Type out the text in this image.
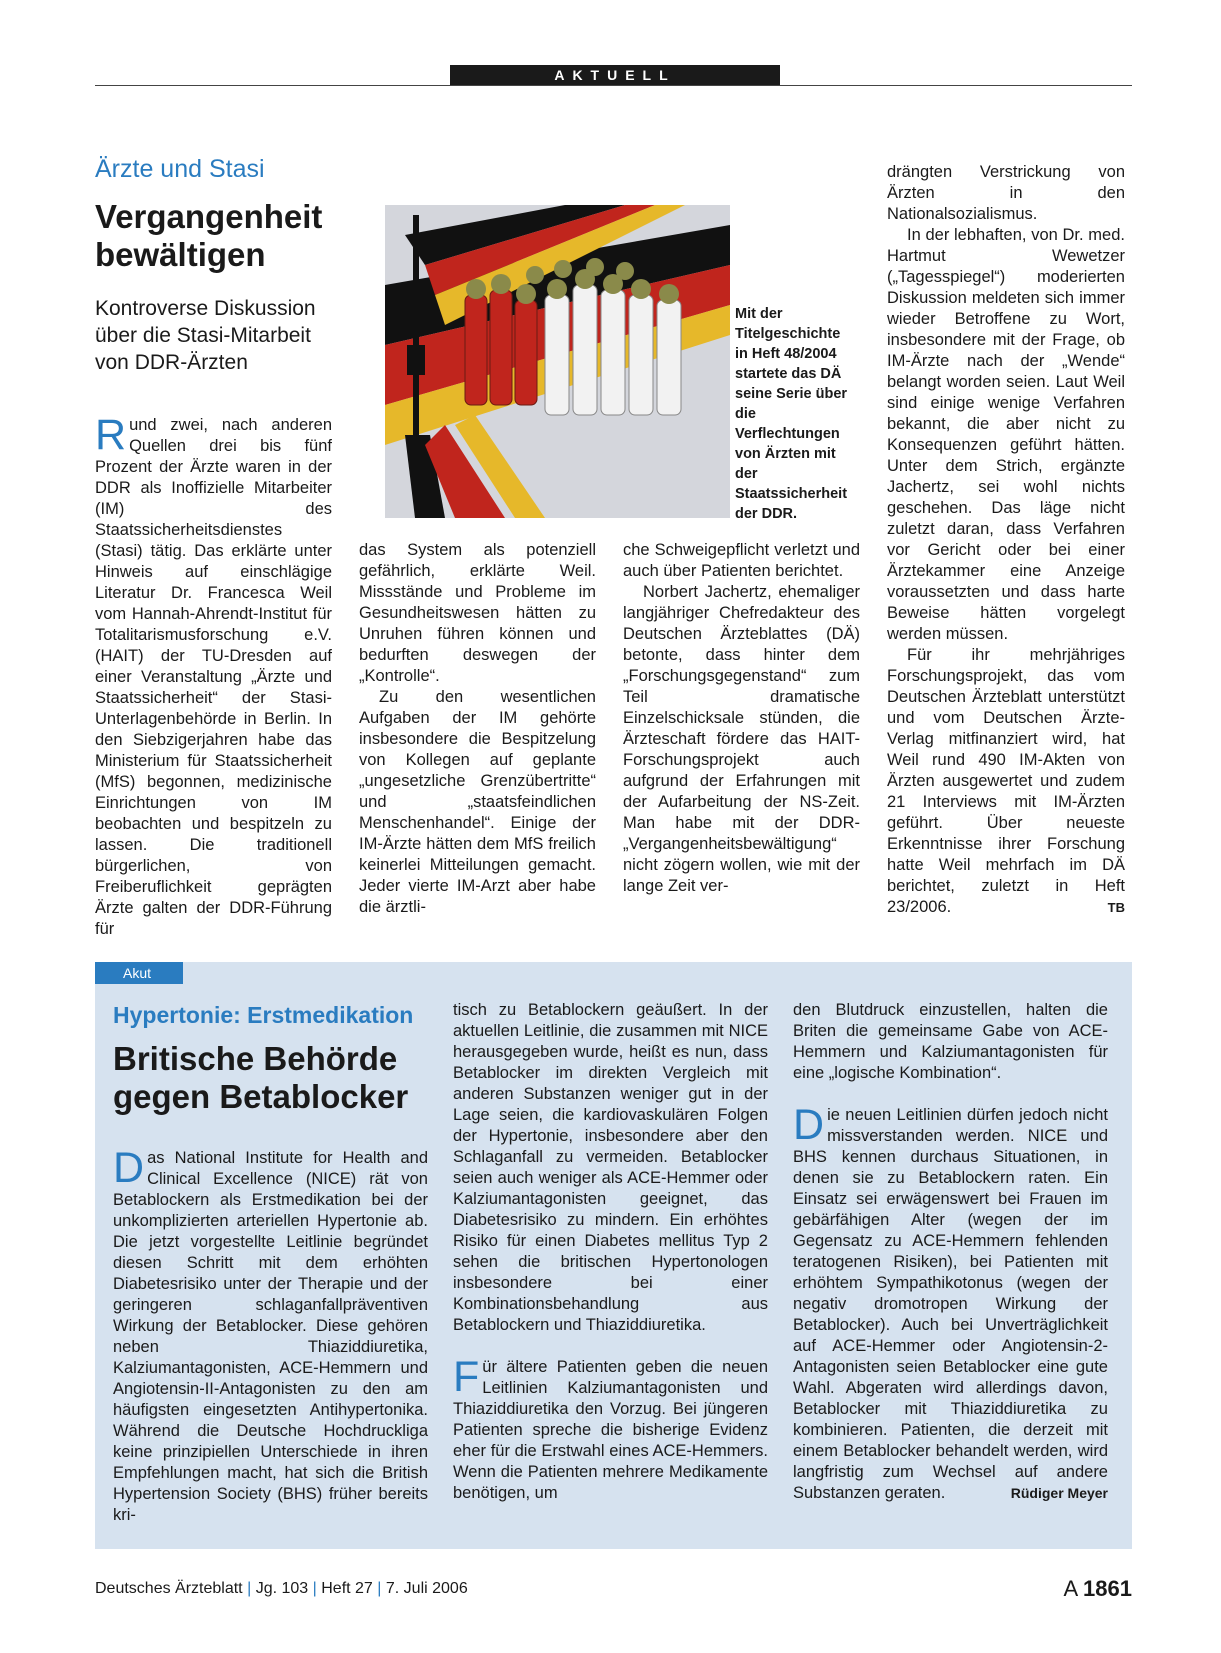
AKTUELL
Ärzte und Stasi
Vergangenheit
bewältigen
Kontroverse Diskussion über die Stasi-Mitarbeit von DDR-Ärzten

Rund zwei, nach anderen Quellen drei bis fünf Prozent der Ärzte waren in der DDR als Inoffizielle Mitarbeiter (IM) des Staatssicherheitsdienstes (Stasi) tätig. Das erklärte unter Hinweis auf einschlägige Literatur Dr. Francesca Weil vom Hannah-Ahrendt-Institut für Totalitarismusforschung e.V. (HAIT) der TU-Dresden auf einer Veranstaltung „Ärzte und Staatssicherheit“ der Stasi-Unterlagenbehörde in Berlin. In den Siebzigerjahren habe das Ministerium für Staatssicherheit (MfS) begonnen, medizinische Einrichtungen von IM beobachten und bespitzeln zu lassen. Die traditionell bürgerlichen, von Freiberuflichkeit geprägten Ärzte galten der DDR-Führung für

Mit der Titelgeschichte in Heft 48/2004 startete das DÄ seine Serie über die Verflechtungen von Ärzten mit der Staatssicherheit der DDR.

das System als potenziell gefährlich, erklärte Weil. Missstände und Probleme im Gesundheitswesen hätten zu Unruhen führen können und bedurften deswegen der „Kontrolle“.

Zu den wesentlichen Aufgaben der IM gehörte insbesondere die Bespitzelung von Kollegen auf geplante „ungesetzliche Grenzübertritte“ und „staatsfeindlichen Menschenhandel“. Einige der IM-Ärzte hätten dem MfS freilich keinerlei Mitteilungen gemacht. Jeder vierte IM-Arzt aber habe die ärztli-

che Schweigepflicht verletzt und auch über Patienten berichtet.

Norbert Jachertz, ehemaliger langjähriger Chefredakteur des Deutschen Ärzteblattes (DÄ) betonte, dass hinter dem „Forschungsgegenstand“ zum Teil dramatische Einzelschicksale stünden, die Ärzteschaft fördere das HAIT-Forschungsprojekt auch aufgrund der Erfahrungen mit der Aufarbeitung der NS-Zeit. Man habe mit der DDR-„Vergangenheitsbewältigung“ nicht zögern wollen, wie mit der lange Zeit ver-

drängten Verstrickung von Ärzten in den Nationalsozialismus.

In der lebhaften, von Dr. med. Hartmut Wewetzer („Tagesspiegel“) moderierten Diskussion meldeten sich immer wieder Betroffene zu Wort, insbesondere mit der Frage, ob IM-Ärzte nach der „Wende“ belangt worden seien. Laut Weil sind einige wenige Verfahren bekannt, die aber nicht zu Konsequenzen geführt hätten. Unter dem Strich, ergänzte Jachertz, sei wohl nichts geschehen. Das läge nicht zuletzt daran, dass Verfahren vor Gericht oder bei einer Ärztekammer eine Anzeige voraussetzten und dass harte Beweise hätten vorgelegt werden müssen.

Für ihr mehrjähriges Forschungsprojekt, das vom Deutschen Ärzteblatt unterstützt und vom Deutschen Ärzte-Verlag mitfinanziert wird, hat Weil rund 490 IM-Akten von Ärzten ausgewertet und zudem 21 Interviews mit IM-Ärzten geführt. Über neueste Erkenntnisse ihrer Forschung hatte Weil mehrfach im DÄ berichtet, zuletzt in Heft 23/2006.	TB

Akut
Hypertonie: Erstmedikation
Britische Behörde
gegen Betablocker

Das National Institute for Health and Clinical Excellence (NICE) rät von Betablockern als Erstmedikation bei der unkomplizierten arteriellen Hypertonie ab. Die jetzt vorgestellte Leitlinie begründet diesen Schritt mit dem erhöhten Diabetesrisiko unter der Therapie und der geringeren schlaganfallpräventiven Wirkung der Betablocker. Diese gehören neben Thiaziddiuretika, Kalziumantagonisten, ACE-Hemmern und Angiotensin-II-Antagonisten zu den am häufigsten eingesetzten Antihypertonika. Während die Deutsche Hochdruckliga keine prinzipiellen Unterschiede in ihren Empfehlungen macht, hat sich die British Hypertension Society (BHS) früher bereits kri-

tisch zu Betablockern geäußert. In der aktuellen Leitlinie, die zusammen mit NICE herausgegeben wurde, heißt es nun, dass Betablocker im direkten Vergleich mit anderen Substanzen weniger gut in der Lage seien, die kardiovaskulären Folgen der Hypertonie, insbesondere aber den Schlaganfall zu vermeiden. Betablocker seien auch weniger als ACE-Hemmer oder Kalziumantagonisten geeignet, das Diabetesrisiko zu mindern. Ein erhöhtes Risiko für einen Diabetes mellitus Typ 2 sehen die britischen Hypertonologen insbesondere bei einer Kombinationsbehandlung aus Betablockern und Thiaziddiuretika.

Für ältere Patienten geben die neuen Leitlinien Kalziumantagonisten und Thiaziddiuretika den Vorzug. Bei jüngeren Patienten spreche die bisherige Evidenz eher für die Erstwahl eines ACE-Hemmers. Wenn die Patienten mehrere Medikamente benötigen, um

den Blutdruck einzustellen, halten die Briten die gemeinsame Gabe von ACE-Hemmern und Kalziumantagonisten für eine „logische Kombination“.

Die neuen Leitlinien dürfen jedoch nicht missverstanden werden. NICE und BHS kennen durchaus Situationen, in denen sie zu Betablockern raten. Ein Einsatz sei erwägenswert bei Frauen im gebärfähigen Alter (wegen der im Gegensatz zu ACE-Hemmern fehlenden teratogenen Risiken), bei Patienten mit erhöhtem Sympathikotonus (wegen der negativ dromotropen Wirkung der Betablocker). Auch bei Unverträglichkeit auf ACE-Hemmer oder Angiotensin-2-Antagonisten seien Betablocker eine gute Wahl. Abgeraten wird allerdings davon, Betablocker mit Thiaziddiuretika zu kombinieren. Patienten, die derzeit mit einem Betablocker behandelt werden, wird langfristig zum Wechsel auf andere Substanzen geraten.	Rüdiger Meyer

Deutsches Ärzteblatt | Jg. 103 | Heft 27 | 7. Juli 2006	A 1861
